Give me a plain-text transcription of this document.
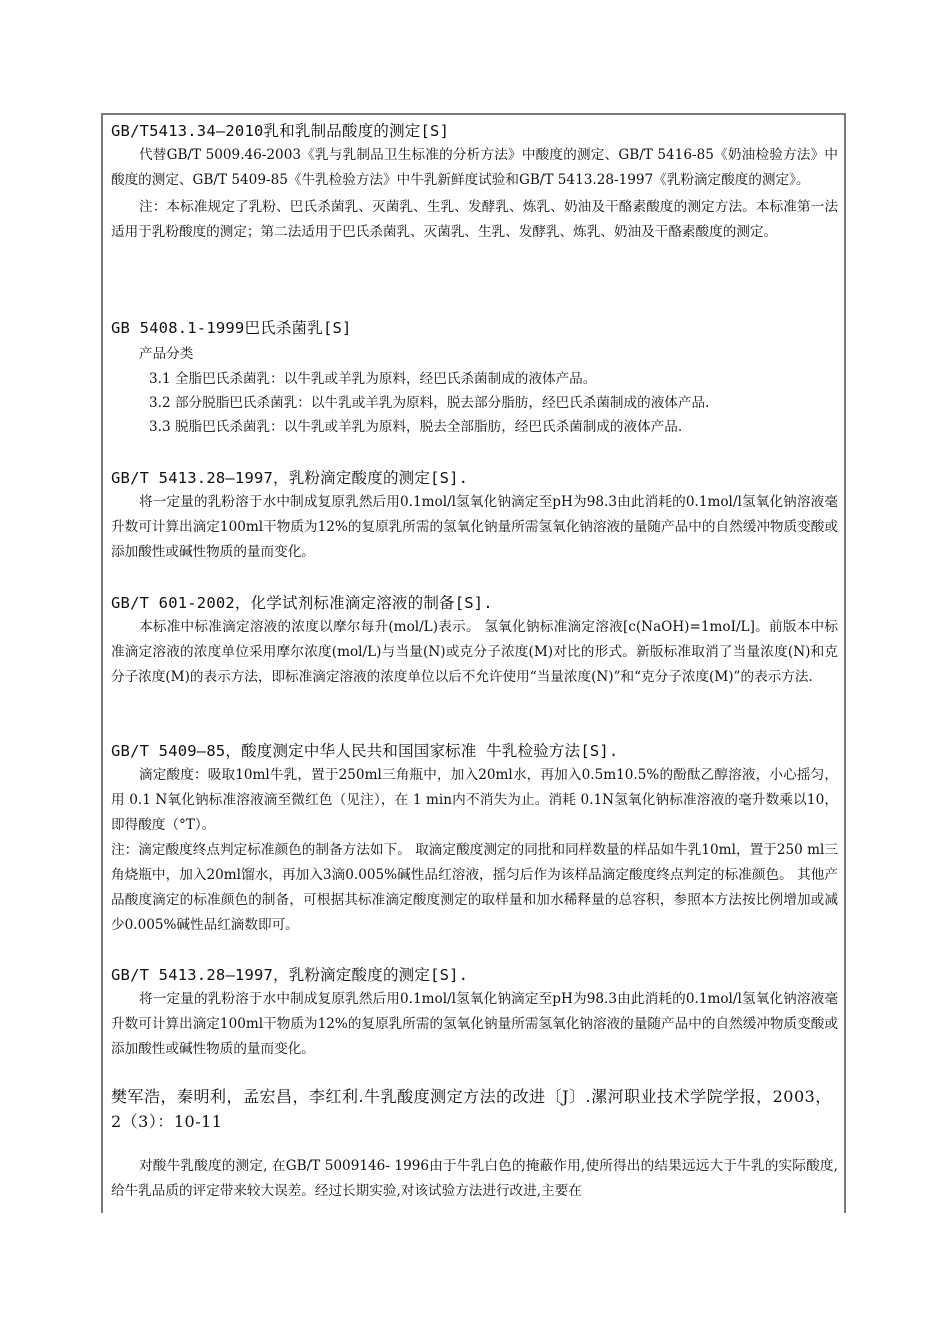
GB/T5413.34—2010乳和乳制品酸度的测定[S]

代替GB/T 5009.46-2003《乳与乳制品卫生标准的分析方法》中酸度的测定、GB/T 5416-85《奶油检验方法》中酸度的测定、GB/T 5409-85《牛乳检验方法》中牛乳新鲜度试验和GB/T 5413.28-1997《乳粉滴定酸度的测定》。

注：本标准规定了乳粉、巴氏杀菌乳、灭菌乳、生乳、发酵乳、炼乳、奶油及干酪素酸度的测定方法。本标准第一法适用于乳粉酸度的测定；第二法适用于巴氏杀菌乳、灭菌乳、生乳、发酵乳、炼乳、奶油及干酪素酸度的测定。

GB 5408.1-1999巴氏杀菌乳[S]

产品分类

3.1 全脂巴氏杀菌乳：以牛乳或羊乳为原料，经巴氏杀菌制成的液体产品。

3.2 部分脱脂巴氏杀菌乳：以牛乳或羊乳为原料，脱去部分脂肪，经巴氏杀菌制成的液体产品.

3.3 脱脂巴氏杀菌乳：以牛乳或羊乳为原料，脱去全部脂肪，经巴氏杀菌制成的液体产品.

GB/T 5413.28—1997，乳粉滴定酸度的测定[S].

将一定量的乳粉溶于水中制成复原乳然后用0.1mol/l氢氧化钠滴定至pH为98.3由此消耗的0.1mol/l氢氧化钠溶液毫升数可计算出滴定100ml干物质为12%的复原乳所需的氢氧化钠量所需氢氧化钠溶液的量随产品中的自然缓冲物质变酸或添加酸性或碱性物质的量而变化。

GB/T 601-2002，化学试剂标准滴定溶液的制备[S].

本标准中标准滴定溶液的浓度以摩尔每升(mol/L)表示。 氢氧化钠标准滴定溶液[c(NaOH)=1moI/L]。前版本中标准滴定溶液的浓度单位采用摩尔浓度(mol/L)与当量(N)或克分子浓度(M)对比的形式。新版标准取消了当量浓度(N)和克分子浓度(M)的表示方法，即标准滴定溶液的浓度单位以后不允许使用“当量浓度(N)”和“克分子浓度(M)”的表示方法.

GB/T 5409—85，酸度测定中华人民共和国国家标准 牛乳检验方法[S].

滴定酸度：吸取10ml牛乳，置于250ml三角瓶中，加入20ml水，再加入0.5m10.5%的酚酞乙醇溶液，小心摇匀，用 0.1 N氧化钠标准溶液滴至微红色（见注），在 1 min内不消失为止。消耗 0.1N氢氧化钠标准溶液的毫升数乘以10，即得酸度（°T）。

注：滴定酸度终点判定标准颜色的制备方法如下。 取滴定酸度测定的同批和同样数量的样品如牛乳10ml，置于250 ml三角烧瓶中，加入20ml馏水，再加入3滴0.005%碱性品红溶液，摇匀后作为该样品滴定酸度终点判定的标准颜色。 其他产品酸度滴定的标准颜色的制备，可根据其标准滴定酸度测定的取样量和加水稀释量的总容积，参照本方法按比例增加或减少0.005%碱性品红滴数即可。

GB/T 5413.28—1997，乳粉滴定酸度的测定[S].

将一定量的乳粉溶于水中制成复原乳然后用0.1mol/l氢氧化钠滴定至pH为98.3由此消耗的0.1mol/l氢氧化钠溶液毫升数可计算出滴定100ml干物质为12%的复原乳所需的氢氧化钠量所需氢氧化钠溶液的量随产品中的自然缓冲物质变酸或添加酸性或碱性物质的量而变化。

樊军浩，秦明利，孟宏昌，李红利.牛乳酸度测定方法的改进〔J〕.漯河职业技术学院学报，2003，2（3）：10-11

对酸牛乳酸度的测定, 在GB/T 5009146- 1996由于牛乳白色的掩蔽作用,使所得出的结果远远大于牛乳的实际酸度,给牛乳品质的评定带来较大误差。经过长期实验,对该试验方法进行改进,主要在
